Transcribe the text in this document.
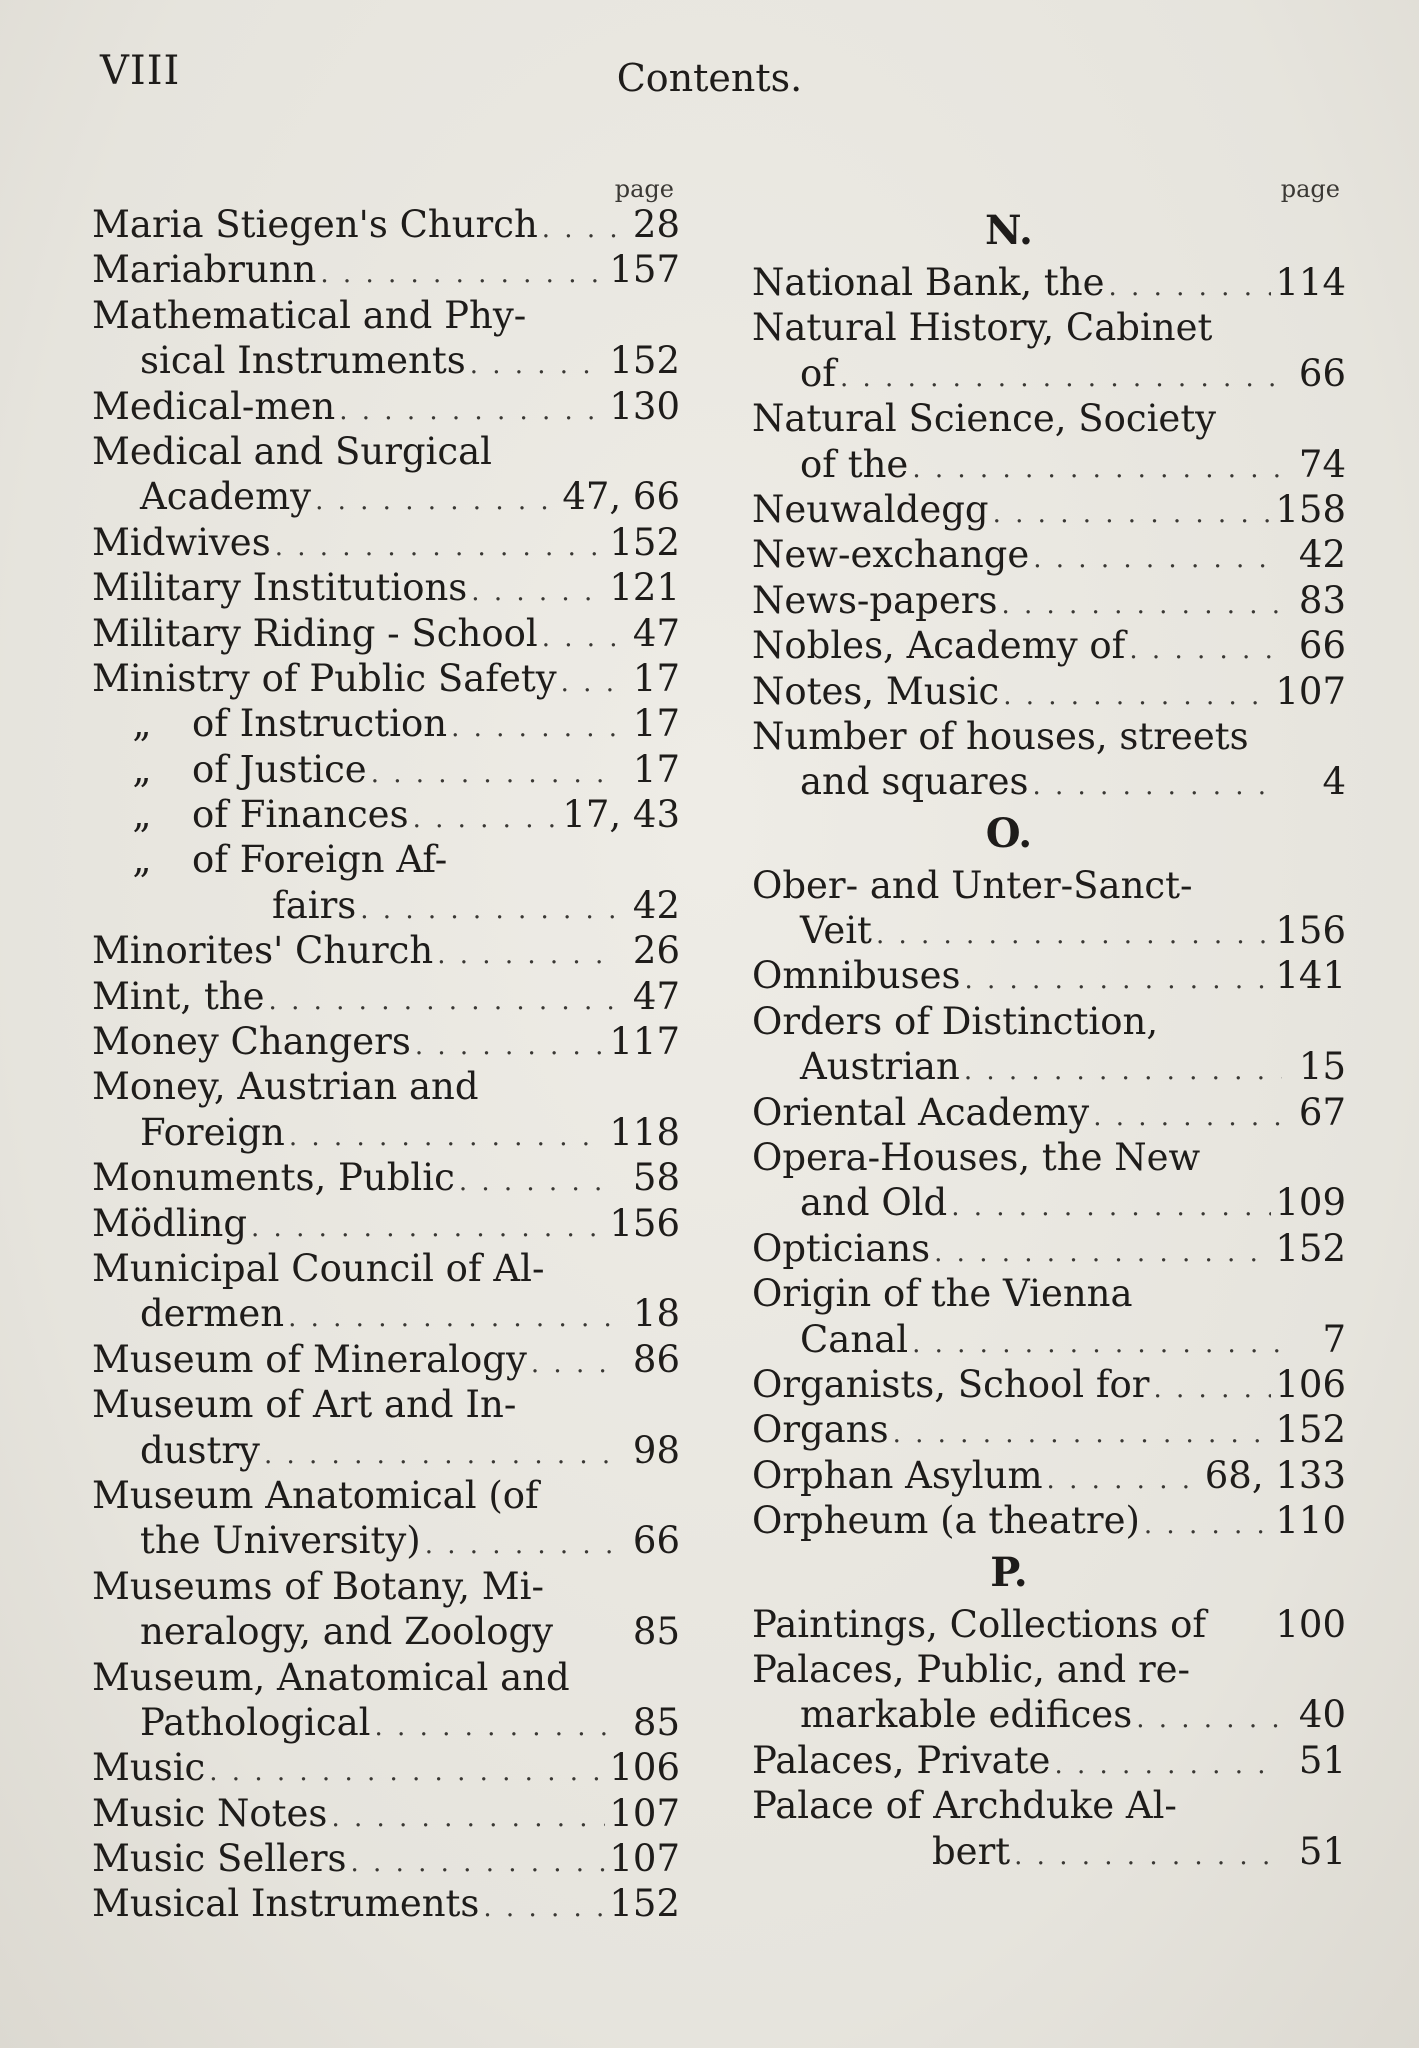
VIII	Contents.
page
Maria Stiegen's Church . . .	28
Mariabrunn . . .	157
Mathematical and Phy-
sical Instruments . . .	152
Medical-men . . .	130
Medical and Surgical
Academy . . .	47, 66
Midwives . . .	152
Military Institutions . . .	121
Military Riding - School . . .	47
Ministry of Public Safety . . .	17
„ of Instruction . . .	17
„ of Justice . . .	17
„ of Finances . . .	17, 43
„ of Foreign Af-
fairs . . .	42
Minorites' Church . . .	26
Mint, the . . .	47
Money Changers . . .	117
Money, Austrian and
Foreign . . .	118
Monuments, Public . . .	58
Mödling . . .	156
Municipal Council of Al-
dermen . . .	18
Museum of Mineralogy . . .	86
Museum of Art and In-
dustry . . .	98
Museum Anatomical (of
the University) . . .	66
Museums of Botany, Mi-
neralogy, and Zoology	85
Museum, Anatomical and
Pathological . . .	85
Music . . .	106
Music Notes . . .	107
Music Sellers . . .	107
Musical Instruments . . .	152
page
N.
National Bank, the . . .	114
Natural History, Cabinet
of . . .	66
Natural Science, Society
of the . . .	74
Neuwaldegg . . .	158
New-exchange . . .	42
News-papers . . .	83
Nobles, Academy of . . .	66
Notes, Music . . .	107
Number of houses, streets
and squares . . .	4
O.
Ober- and Unter-Sanct-
Veit . . .	156
Omnibuses . . .	141
Orders of Distinction,
Austrian . . .	15
Oriental Academy . . .	67
Opera-Houses, the New
and Old . . .	109
Opticians . . .	152
Origin of the Vienna
Canal . . .	7
Organists, School for . . .	106
Organs . . .	152
Orphan Asylum . . .	68, 133
Orpheum (a theatre) . . .	110
P.
Paintings, Collections of 100
Palaces, Public, and re-
markable edifices . . .	40
Palaces, Private . . .	51
Palace of Archduke Al-
bert . . .	51
